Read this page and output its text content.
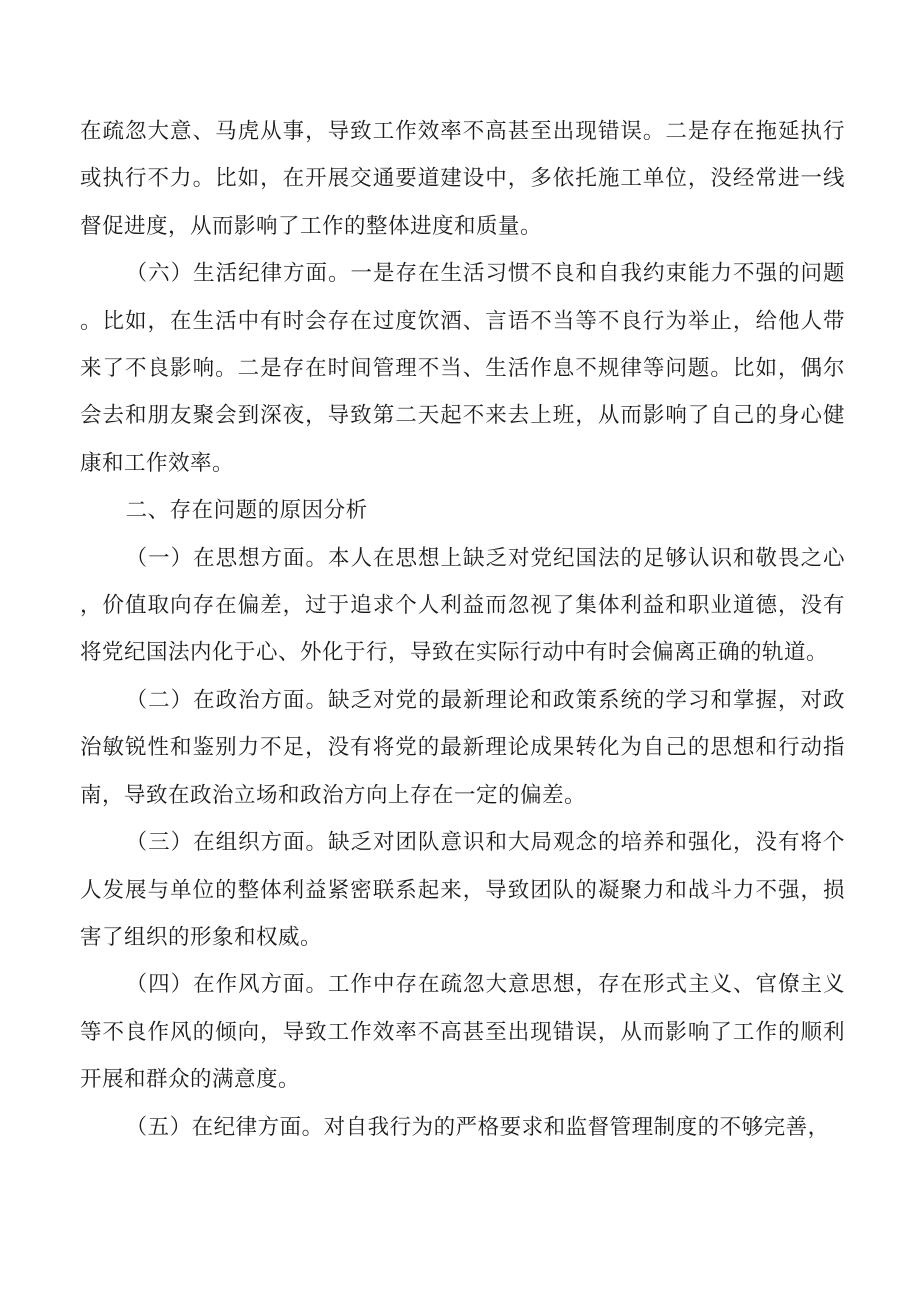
在疏忽大意、马虎从事，导致工作效率不高甚至出现错误。二是存在拖延执行或执行不力。比如，在开展交通要道建设中，多依托施工单位，没经常进一线督促进度，从而影响了工作的整体进度和质量。

（六）生活纪律方面。一是存在生活习惯不良和自我约束能力不强的问题。比如，在生活中有时会存在过度饮酒、言语不当等不良行为举止，给他人带来了不良影响。二是存在时间管理不当、生活作息不规律等问题。比如，偶尔会去和朋友聚会到深夜，导致第二天起不来去上班，从而影响了自己的身心健康和工作效率。

二、存在问题的原因分析

（一）在思想方面。本人在思想上缺乏对党纪国法的足够认识和敬畏之心，价值取向存在偏差，过于追求个人利益而忽视了集体利益和职业道德，没有将党纪国法内化于心、外化于行，导致在实际行动中有时会偏离正确的轨道。

（二）在政治方面。缺乏对党的最新理论和政策系统的学习和掌握，对政治敏锐性和鉴别力不足，没有将党的最新理论成果转化为自己的思想和行动指南，导致在政治立场和政治方向上存在一定的偏差。

（三）在组织方面。缺乏对团队意识和大局观念的培养和强化，没有将个人发展与单位的整体利益紧密联系起来，导致团队的凝聚力和战斗力不强，损害了组织的形象和权威。

（四）在作风方面。工作中存在疏忽大意思想，存在形式主义、官僚主义等不良作风的倾向，导致工作效率不高甚至出现错误，从而影响了工作的顺利开展和群众的满意度。

（五）在纪律方面。对自我行为的严格要求和监督管理制度的不够完善，
